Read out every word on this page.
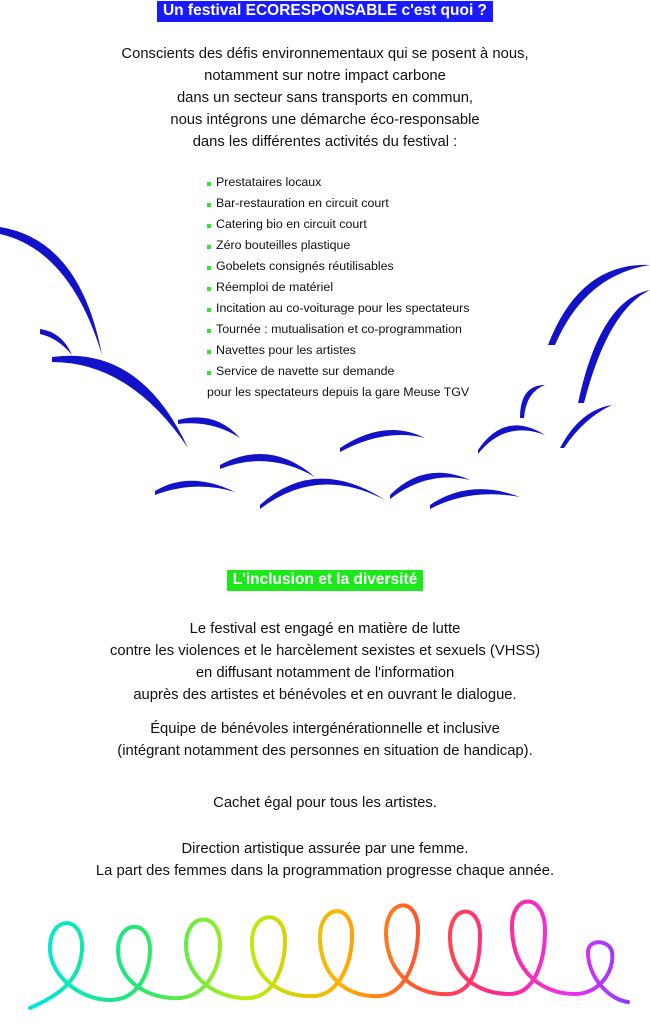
Un festival ECORESPONSABLE c'est quoi ?

Conscients des défis environnementaux qui se posent à nous,
notamment sur notre impact carbone
dans un secteur sans transports en commun,
nous intégrons une démarche éco-responsable
dans les différentes activités du festival :

Prestataires locaux
Bar-restauration en circuit court
Catering bio en circuit court
Zéro bouteilles plastique
Gobelets consignés réutilisables
Réemploi de matériel
Incitation au co-voiturage pour les spectateurs
Tournée : mutualisation et co-programmation
Navettes pour les artistes
Service de navette sur demande
pour les spectateurs depuis la gare Meuse TGV
L'inclusion et la diversité

Le festival est engagé en matière de lutte
contre les violences et le harcèlement sexistes et sexuels (VHSS)
en diffusant notamment de l'information
auprès des artistes et bénévoles et en ouvrant le dialogue.

Équipe de bénévoles intergénérationnelle et inclusive
(intégrant notamment des personnes en situation de handicap).

Cachet égal pour tous les artistes.

Direction artistique assurée par une femme.
La part des femmes dans la programmation progresse chaque année.
